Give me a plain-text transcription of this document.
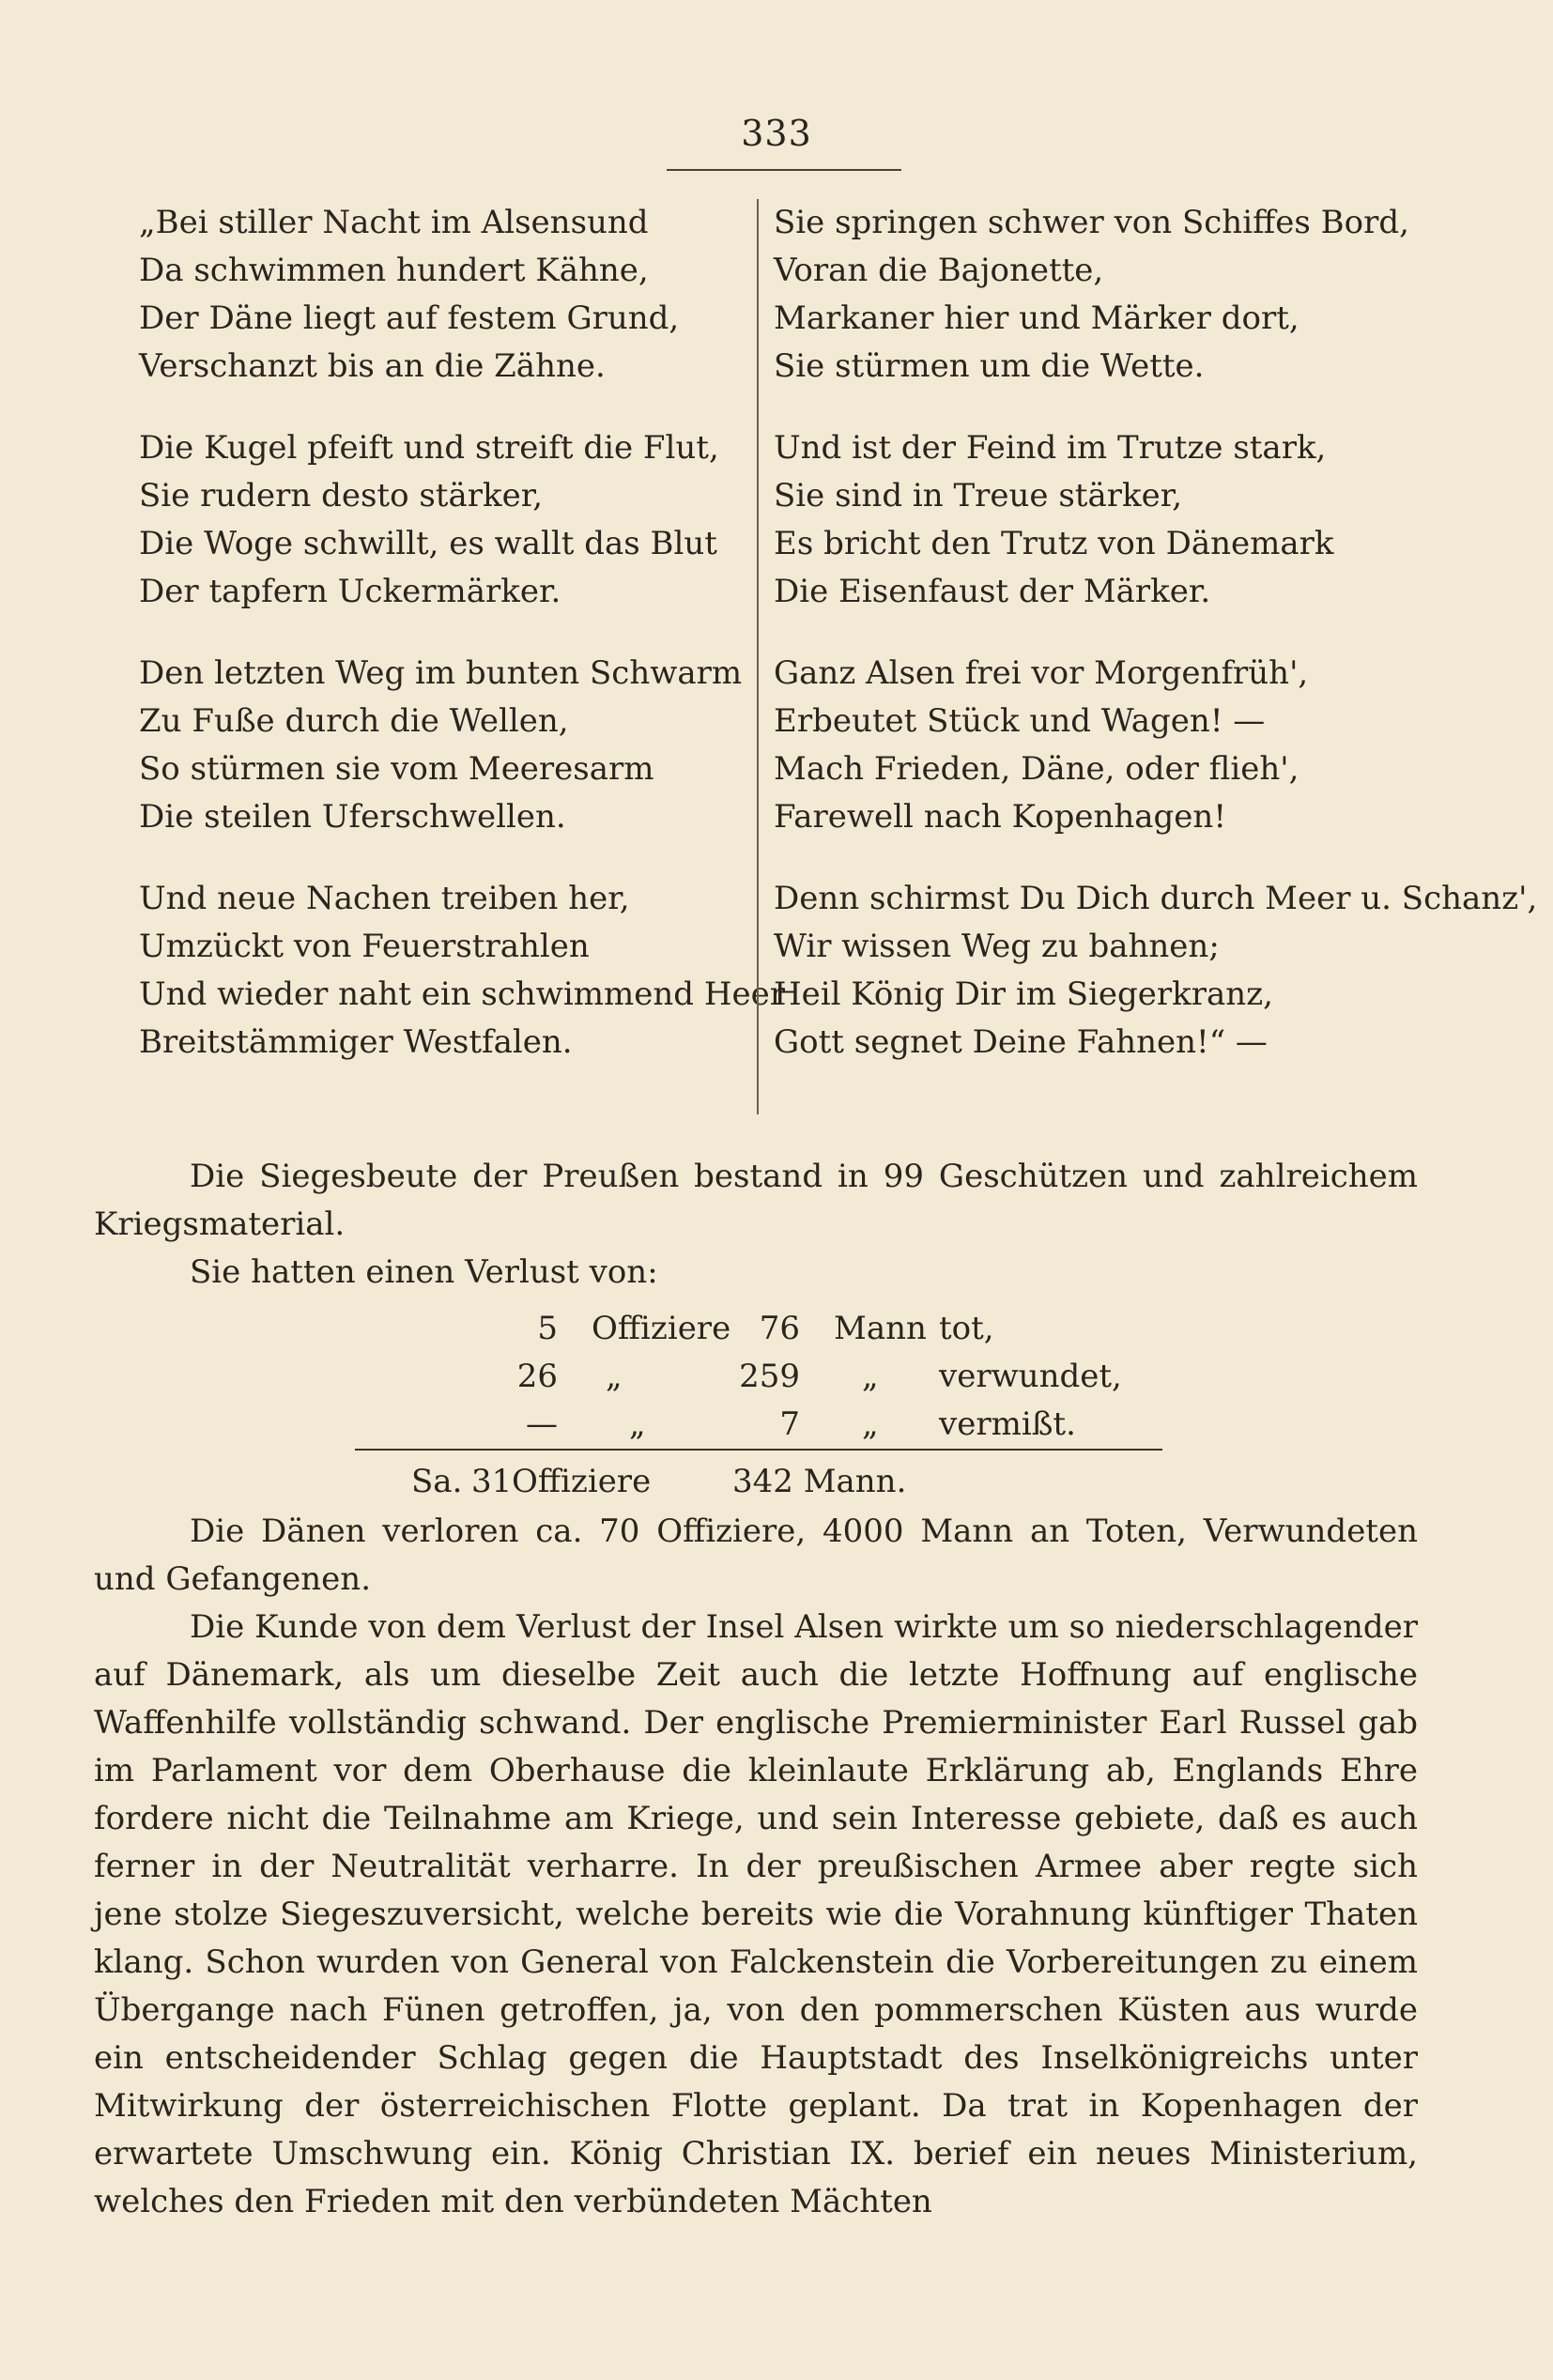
333
„Bei stiller Nacht im Alsensund
Da schwimmen hundert Kähne,
Der Däne liegt auf festem Grund,
Verschanzt bis an die Zähne.
Die Kugel pfeift und streift die Flut,
Sie rudern desto stärker,
Die Woge schwillt, es wallt das Blut
Der tapfern Uckermärker.
Den letzten Weg im bunten Schwarm
Zu Fuße durch die Wellen,
So stürmen sie vom Meeresarm
Die steilen Uferschwellen.
Und neue Nachen treiben her,
Umzückt von Feuerstrahlen
Und wieder naht ein schwimmend Heer
Breitstämmiger Westfalen.
Sie springen schwer von Schiffes Bord,
Voran die Bajonette,
Markaner hier und Märker dort,
Sie stürmen um die Wette.
Und ist der Feind im Trutze stark,
Sie sind in Treue stärker,
Es bricht den Trutz von Dänemark
Die Eisenfaust der Märker.
Ganz Alsen frei vor Morgenfrüh',
Erbeutet Stück und Wagen! —
Mach Frieden, Däne, oder flieh',
Farewell nach Kopenhagen!
Denn schirmst Du Dich durch Meer u. Schanz',
Wir wissen Weg zu bahnen;
Heil König Dir im Siegerkranz,
Gott segnet Deine Fahnen!“ —
Die Siegesbeute der Preußen bestand in 99 Geschützen und zahlreichem Kriegsmaterial.
Sie hatten einen Verlust von:
5 Offiziere 76 Mann tot,
26 „	259 „ verwundet,
— „	7 „ vermißt.
Sa. 31 Offiziere	342 Mann.
Die Dänen verloren ca. 70 Offiziere, 4000 Mann an Toten, Verwundeten und Gefangenen.
Die Kunde von dem Verlust der Insel Alsen wirkte um so niederschlagender auf Dänemark, als um dieselbe Zeit auch die letzte Hoffnung auf englische Waffenhilfe vollständig schwand. Der englische Premierminister Earl Russel gab im Parlament vor dem Oberhause die kleinlaute Erklärung ab, Englands Ehre fordere nicht die Teilnahme am Kriege, und sein Interesse gebiete, daß es auch ferner in der Neutralität verharre. In der preußischen Armee aber regte sich jene stolze Siegeszuversicht, welche bereits wie die Vorahnung künftiger Thaten klang. Schon wurden von General von Falckenstein die Vorbereitungen zu einem Übergange nach Fünen getroffen, ja, von den pommerschen Küsten aus wurde ein entscheidender Schlag gegen die Hauptstadt des Inselkönigreichs unter Mitwirkung der österreichischen Flotte geplant. Da trat in Kopenhagen der erwartete Umschwung ein. König Christian IX. berief ein neues Ministerium, welches den Frieden mit den verbündeten Mächten
